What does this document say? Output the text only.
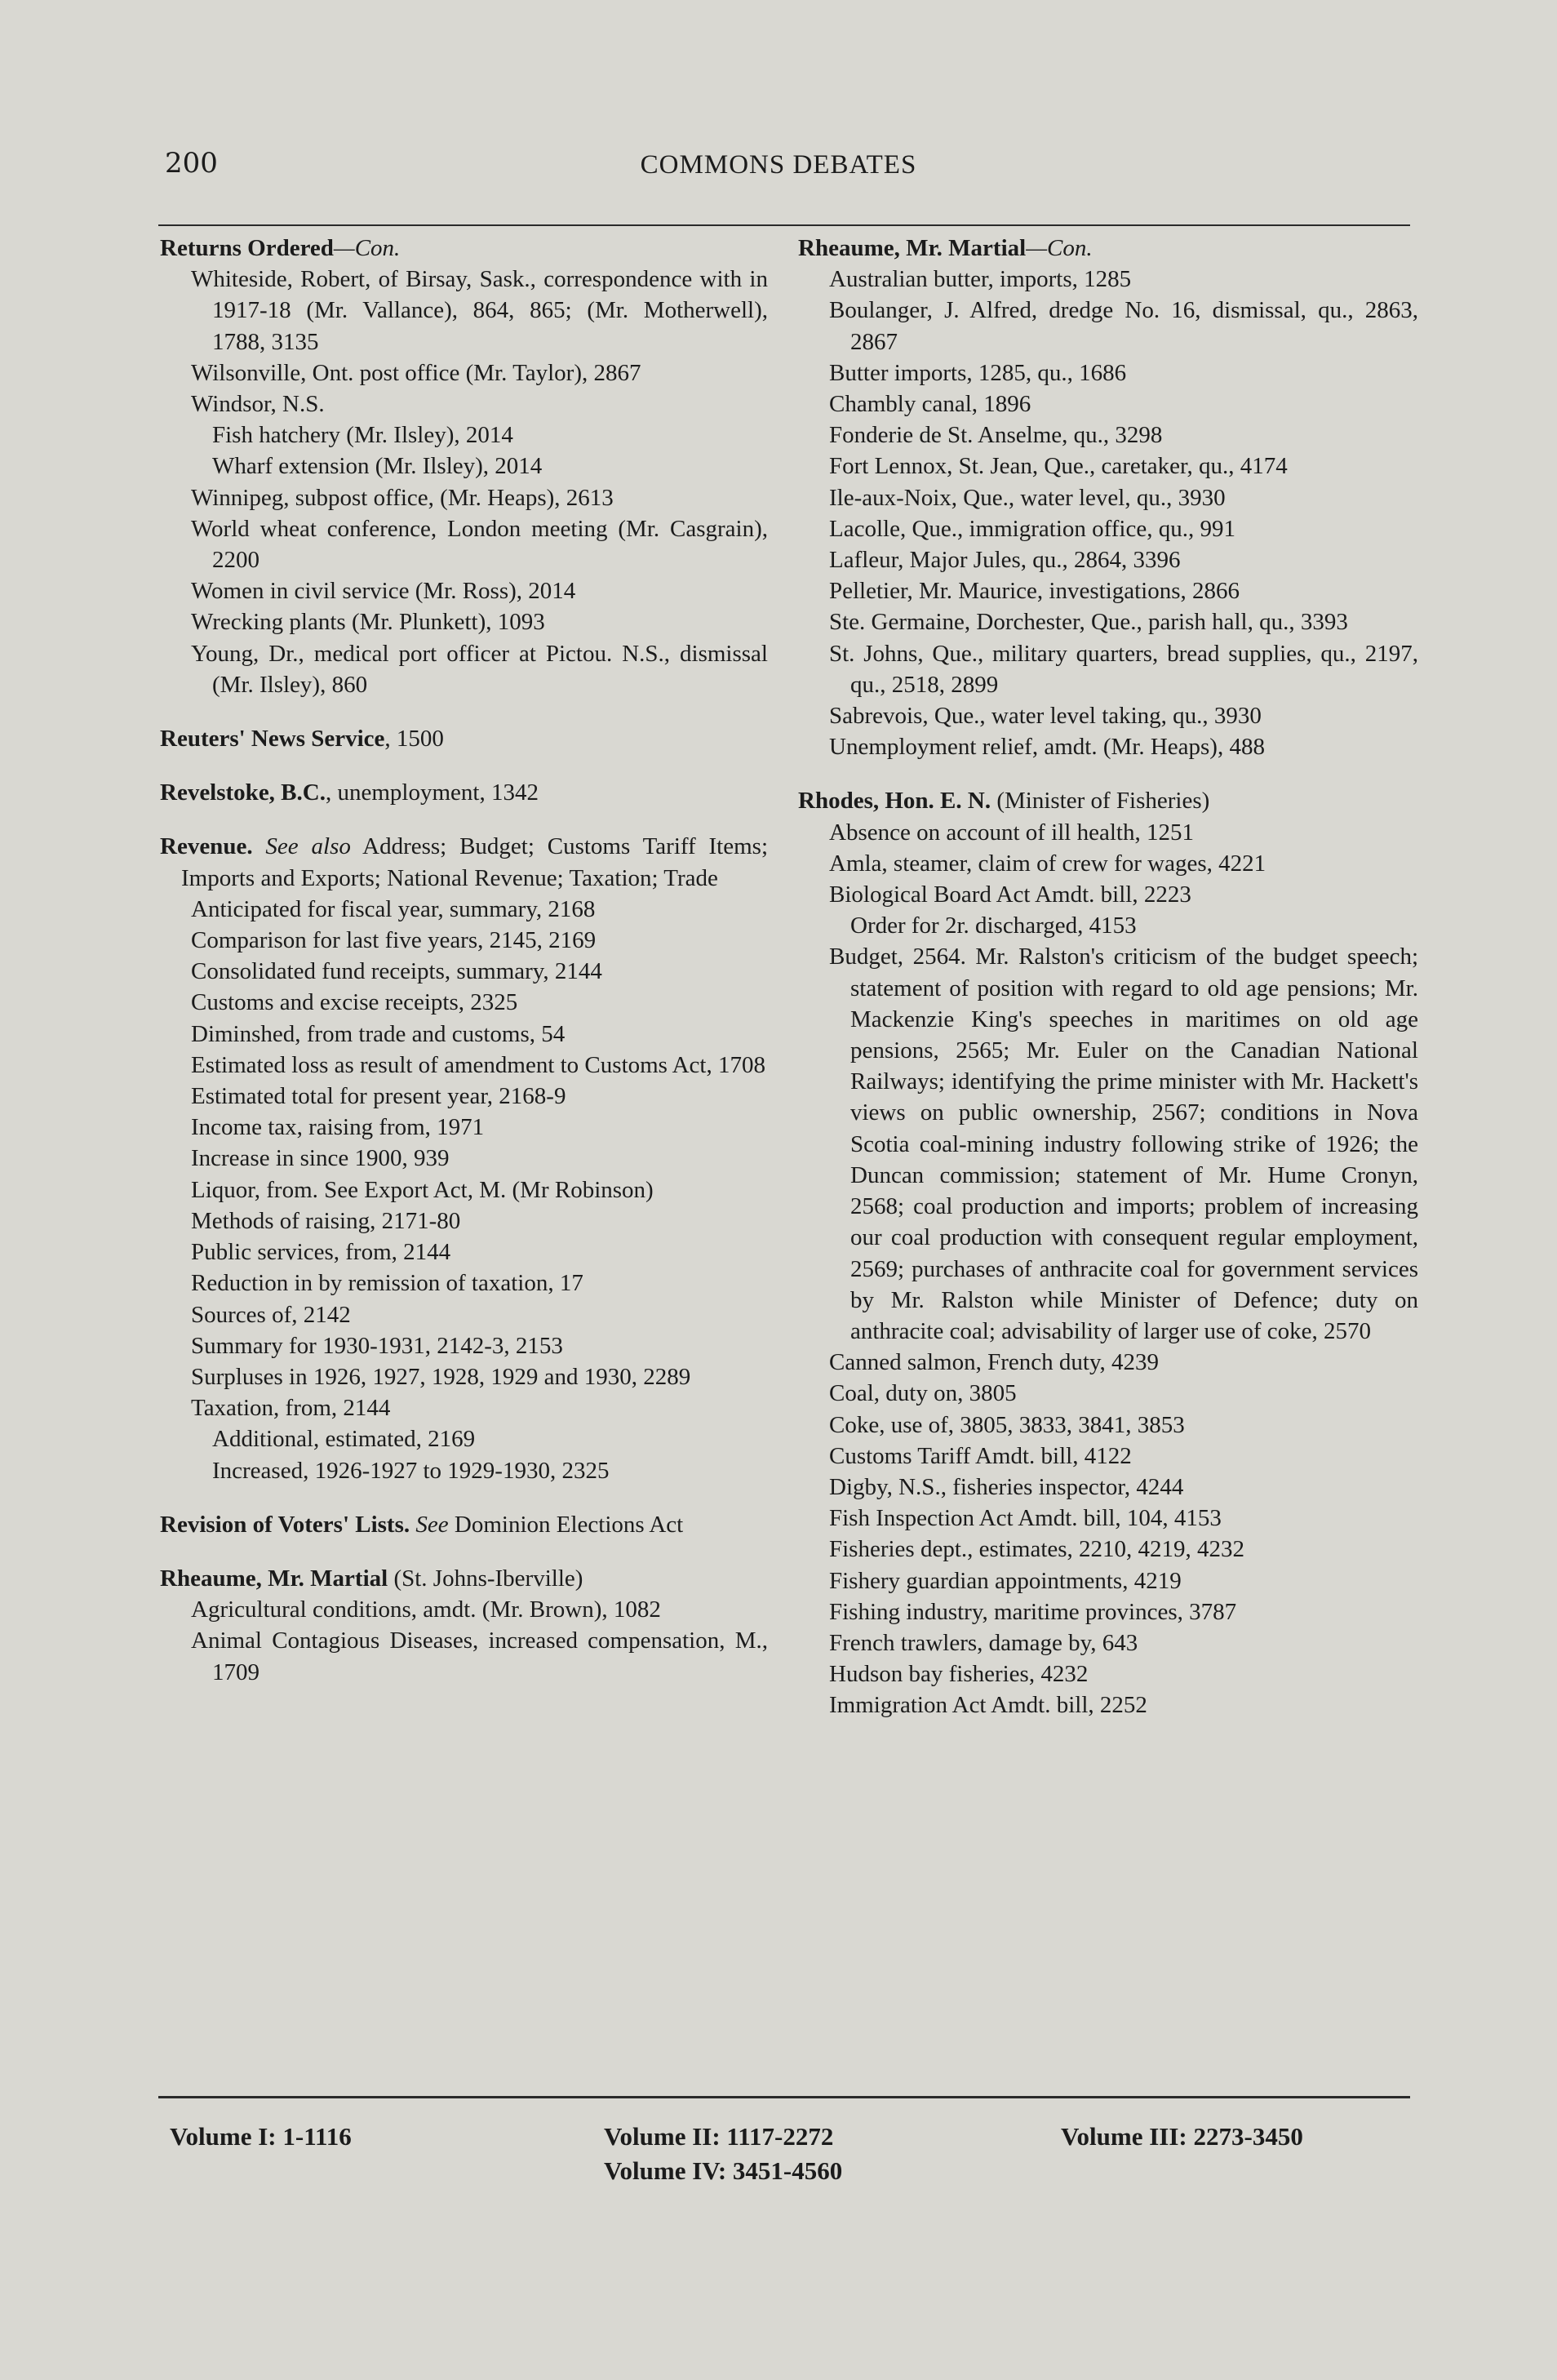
200	COMMONS DEBATES
Returns Ordered—Con.
Whiteside, Robert, of Birsay, Sask., correspondence with in 1917-18 (Mr. Vallance), 864, 865; (Mr. Motherwell), 1788, 3135
Wilsonville, Ont. post office (Mr. Taylor), 2867
Windsor, N.S.
Fish hatchery (Mr. Ilsley), 2014
Wharf extension (Mr. Ilsley), 2014
Winnipeg, subpost office, (Mr. Heaps), 2613
World wheat conference, London meeting (Mr. Casgrain), 2200
Women in civil service (Mr. Ross), 2014
Wrecking plants (Mr. Plunkett), 1093
Young, Dr., medical port officer at Pictou. N.S., dismissal (Mr. Ilsley), 860
Reuters' News Service, 1500
Revelstoke, B.C., unemployment, 1342
Revenue. See also Address; Budget; Customs Tariff Items; Imports and Exports; National Revenue; Taxation; Trade
Anticipated for fiscal year, summary, 2168
Comparison for last five years, 2145, 2169
Consolidated fund receipts, summary, 2144
Customs and excise receipts, 2325
Diminshed, from trade and customs, 54
Estimated loss as result of amendment to Customs Act, 1708
Estimated total for present year, 2168-9
Income tax, raising from, 1971
Increase in since 1900, 939
Liquor, from. See Export Act, M. (Mr Robinson)
Methods of raising, 2171-80
Public services, from, 2144
Reduction in by remission of taxation, 17
Sources of, 2142
Summary for 1930-1931, 2142-3, 2153
Surpluses in 1926, 1927, 1928, 1929 and 1930, 2289
Taxation, from, 2144
Additional, estimated, 2169
Increased, 1926-1927 to 1929-1930, 2325
Revision of Voters' Lists. See Dominion Elections Act
Rheaume, Mr. Martial (St. Johns-Iberville)
Agricultural conditions, amdt. (Mr. Brown), 1082
Animal Contagious Diseases, increased compensation, M., 1709
Rheaume, Mr. Martial—Con.
Australian butter, imports, 1285
Boulanger, J. Alfred, dredge No. 16, dismissal, qu., 2863, 2867
Butter imports, 1285, qu., 1686
Chambly canal, 1896
Fonderie de St. Anselme, qu., 3298
Fort Lennox, St. Jean, Que., caretaker, qu., 4174
Ile-aux-Noix, Que., water level, qu., 3930
Lacolle, Que., immigration office, qu., 991
Lafleur, Major Jules, qu., 2864, 3396
Pelletier, Mr. Maurice, investigations, 2866
Ste. Germaine, Dorchester, Que., parish hall, qu., 3393
St. Johns, Que., military quarters, bread supplies, qu., 2197, qu., 2518, 2899
Sabrevois, Que., water level taking, qu., 3930
Unemployment relief, amdt. (Mr. Heaps), 488
Rhodes, Hon. E. N. (Minister of Fisheries)
Absence on account of ill health, 1251
Amla, steamer, claim of crew for wages, 4221
Biological Board Act Amdt. bill, 2223
Order for 2r. discharged, 4153
Budget, 2564. Mr. Ralston's criticism of the budget speech; statement of position with regard to old age pensions; Mr. Mackenzie King's speeches in maritimes on old age pensions, 2565; Mr. Euler on the Canadian National Railways; identifying the prime minister with Mr. Hackett's views on public ownership, 2567; conditions in Nova Scotia coal-mining industry following strike of 1926; the Duncan commission; statement of Mr. Hume Cronyn, 2568; coal production and imports; problem of increasing our coal production with consequent regular employment, 2569; purchases of anthracite coal for government services by Mr. Ralston while Minister of Defence; duty on anthracite coal; advisability of larger use of coke, 2570
Canned salmon, French duty, 4239
Coal, duty on, 3805
Coke, use of, 3805, 3833, 3841, 3853
Customs Tariff Amdt. bill, 4122
Digby, N.S., fisheries inspector, 4244
Fish Inspection Act Amdt. bill, 104, 4153
Fisheries dept., estimates, 2210, 4219, 4232
Fishery guardian appointments, 4219
Fishing industry, maritime provinces, 3787
French trawlers, damage by, 643
Hudson bay fisheries, 4232
Immigration Act Amdt. bill, 2252
Volume I: 1-1116	Volume II: 1117-2272	Volume III: 2273-3450
Volume IV: 3451-4560
